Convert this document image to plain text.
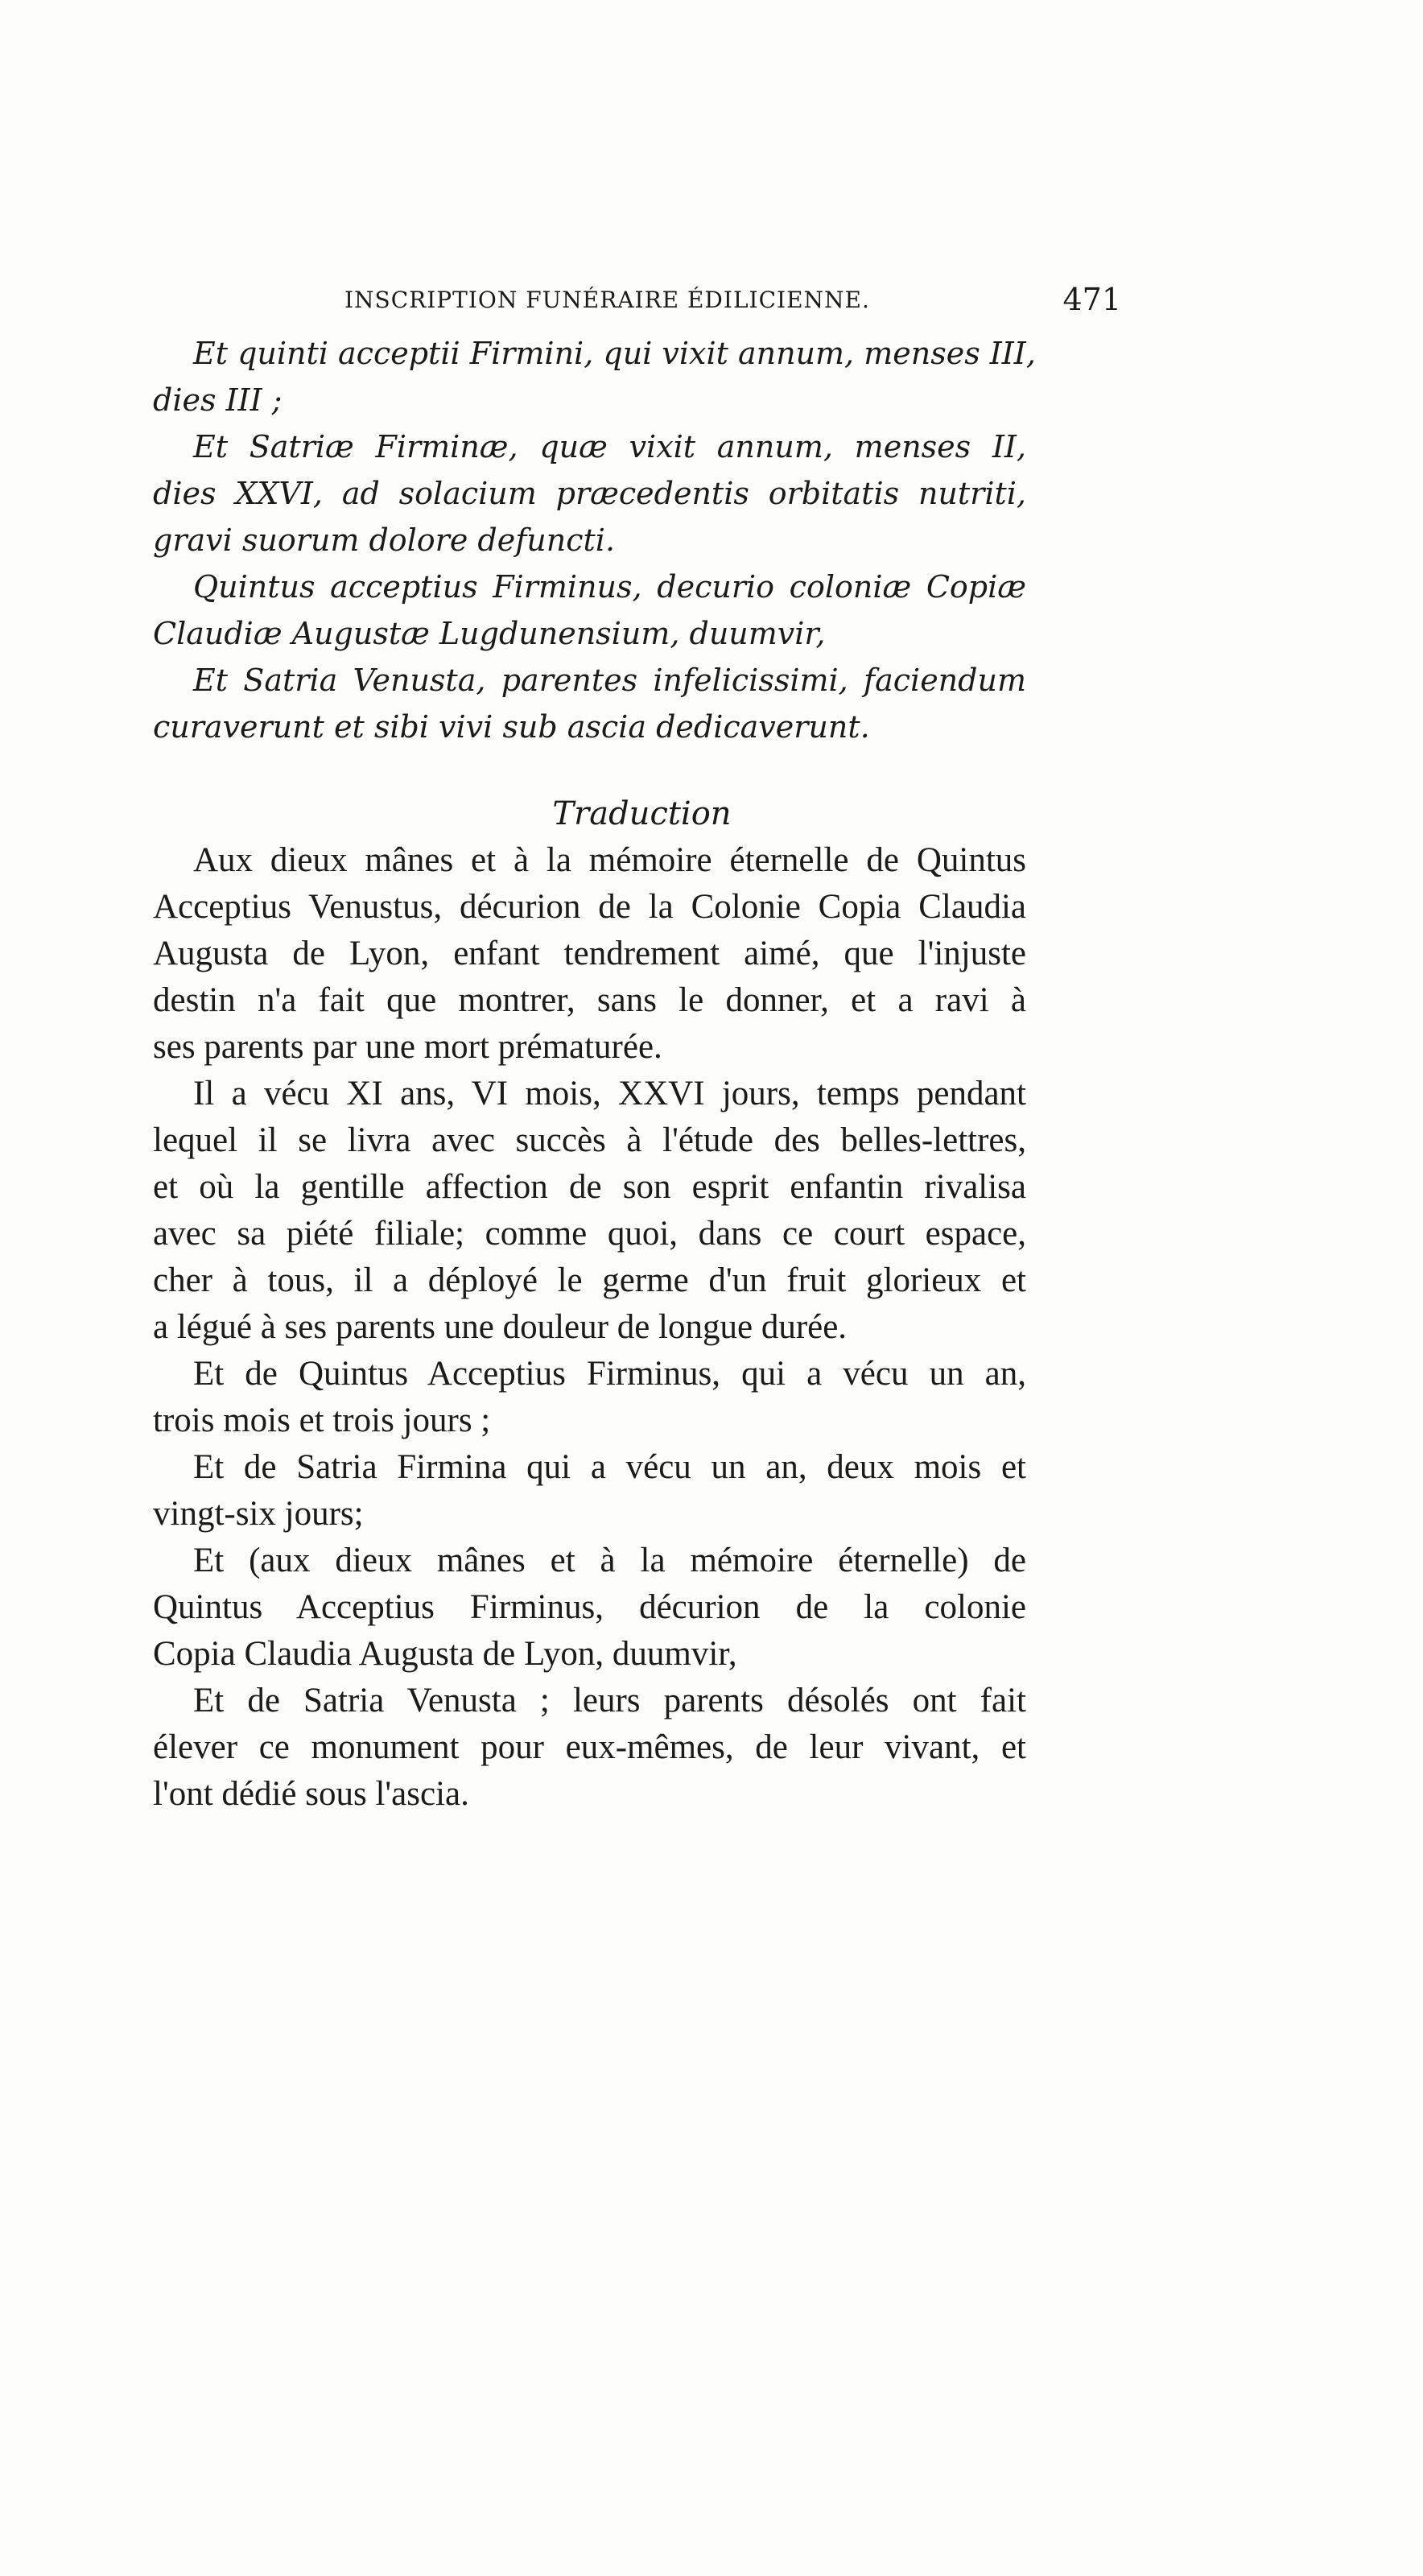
INSCRIPTION FUNÉRAIRE ÉDILICIENNE.	471
Et quinti acceptii Firmini, qui vixit annum, menses III,
dies III ;
Et Satriæ Firminæ, quæ vixit annum, menses II,
dies XXVI, ad solacium præcedentis orbitatis nutriti,
gravi suorum dolore defuncti.
Quintus acceptius Firminus, decurio coloniæ Copiæ
Claudiæ Augustæ Lugdunensium, duumvir,
Et Satria Venusta, parentes infelicissimi, faciendum
curaverunt et sibi vivi sub ascia dedicaverunt.
Traduction
Aux dieux mânes et à la mémoire éternelle de Quintus
Acceptius Venustus, décurion de la Colonie Copia Claudia
Augusta de Lyon, enfant tendrement aimé, que l'injuste
destin n'a fait que montrer, sans le donner, et a ravi à
ses parents par une mort prématurée.
Il a vécu XI ans, VI mois, XXVI jours, temps pendant
lequel il se livra avec succès à l'étude des belles-lettres,
et où la gentille affection de son esprit enfantin rivalisa
avec sa piété filiale; comme quoi, dans ce court espace,
cher à tous, il a déployé le germe d'un fruit glorieux et
a légué à ses parents une douleur de longue durée.
Et de Quintus Acceptius Firminus, qui a vécu un an,
trois mois et trois jours ;
Et de Satria Firmina qui a vécu un an, deux mois et
vingt-six jours;
Et (aux dieux mânes et à la mémoire éternelle) de
Quintus Acceptius Firminus, décurion de la colonie
Copia Claudia Augusta de Lyon, duumvir,
Et de Satria Venusta ; leurs parents désolés ont fait
élever ce monument pour eux-mêmes, de leur vivant, et
l'ont dédié sous l'ascia.
